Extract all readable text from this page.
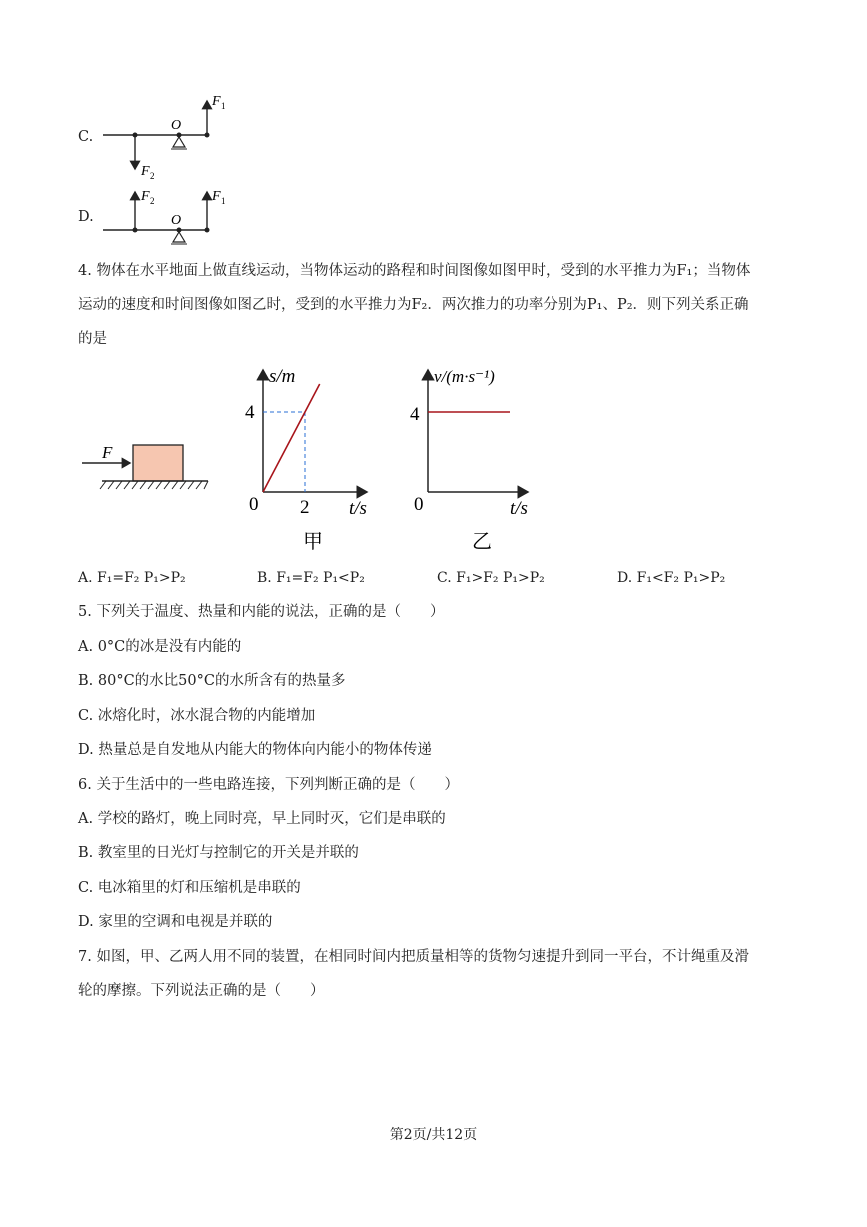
C.
O
F 1
F 2
D.	O
F 1
F 2
4. 物体在水平地面上做直线运动，当物体运动的路程和时间图像如图甲时，受到的水平推力为F₁；当物体
运动的速度和时间图像如图乙时，受到的水平推力为F₂．两次推力的功率分别为P₁、P₂．则下列关系正确
的是
F
s/m
t/s
4
2
0
甲
v/(m·s⁻¹)
t/s
4
0
乙
A. F₁=F₂ P₁>P₂	B. F₁=F₂ P₁<P₂	C. F₁>F₂ P₁>P₂	D. F₁<F₂ P₁>P₂
5. 下列关于温度、热量和内能的说法，正确的是（　　）
A. 0°C的冰是没有内能的
B. 80°C的水比50°C的水所含有的热量多
C. 冰熔化时，冰水混合物的内能增加
D. 热量总是自发地从内能大的物体向内能小的物体传递
6. 关于生活中的一些电路连接，下列判断正确的是（　　）
A. 学校的路灯，晚上同时亮，早上同时灭，它们是串联的
B. 教室里的日光灯与控制它的开关是并联的
C. 电冰箱里的灯和压缩机是串联的
D. 家里的空调和电视是并联的
7. 如图，甲、乙两人用不同的装置，在相同时间内把质量相等的货物匀速提升到同一平台，不计绳重及滑
轮的摩擦。下列说法正确的是（　　）
第2页/共12页
